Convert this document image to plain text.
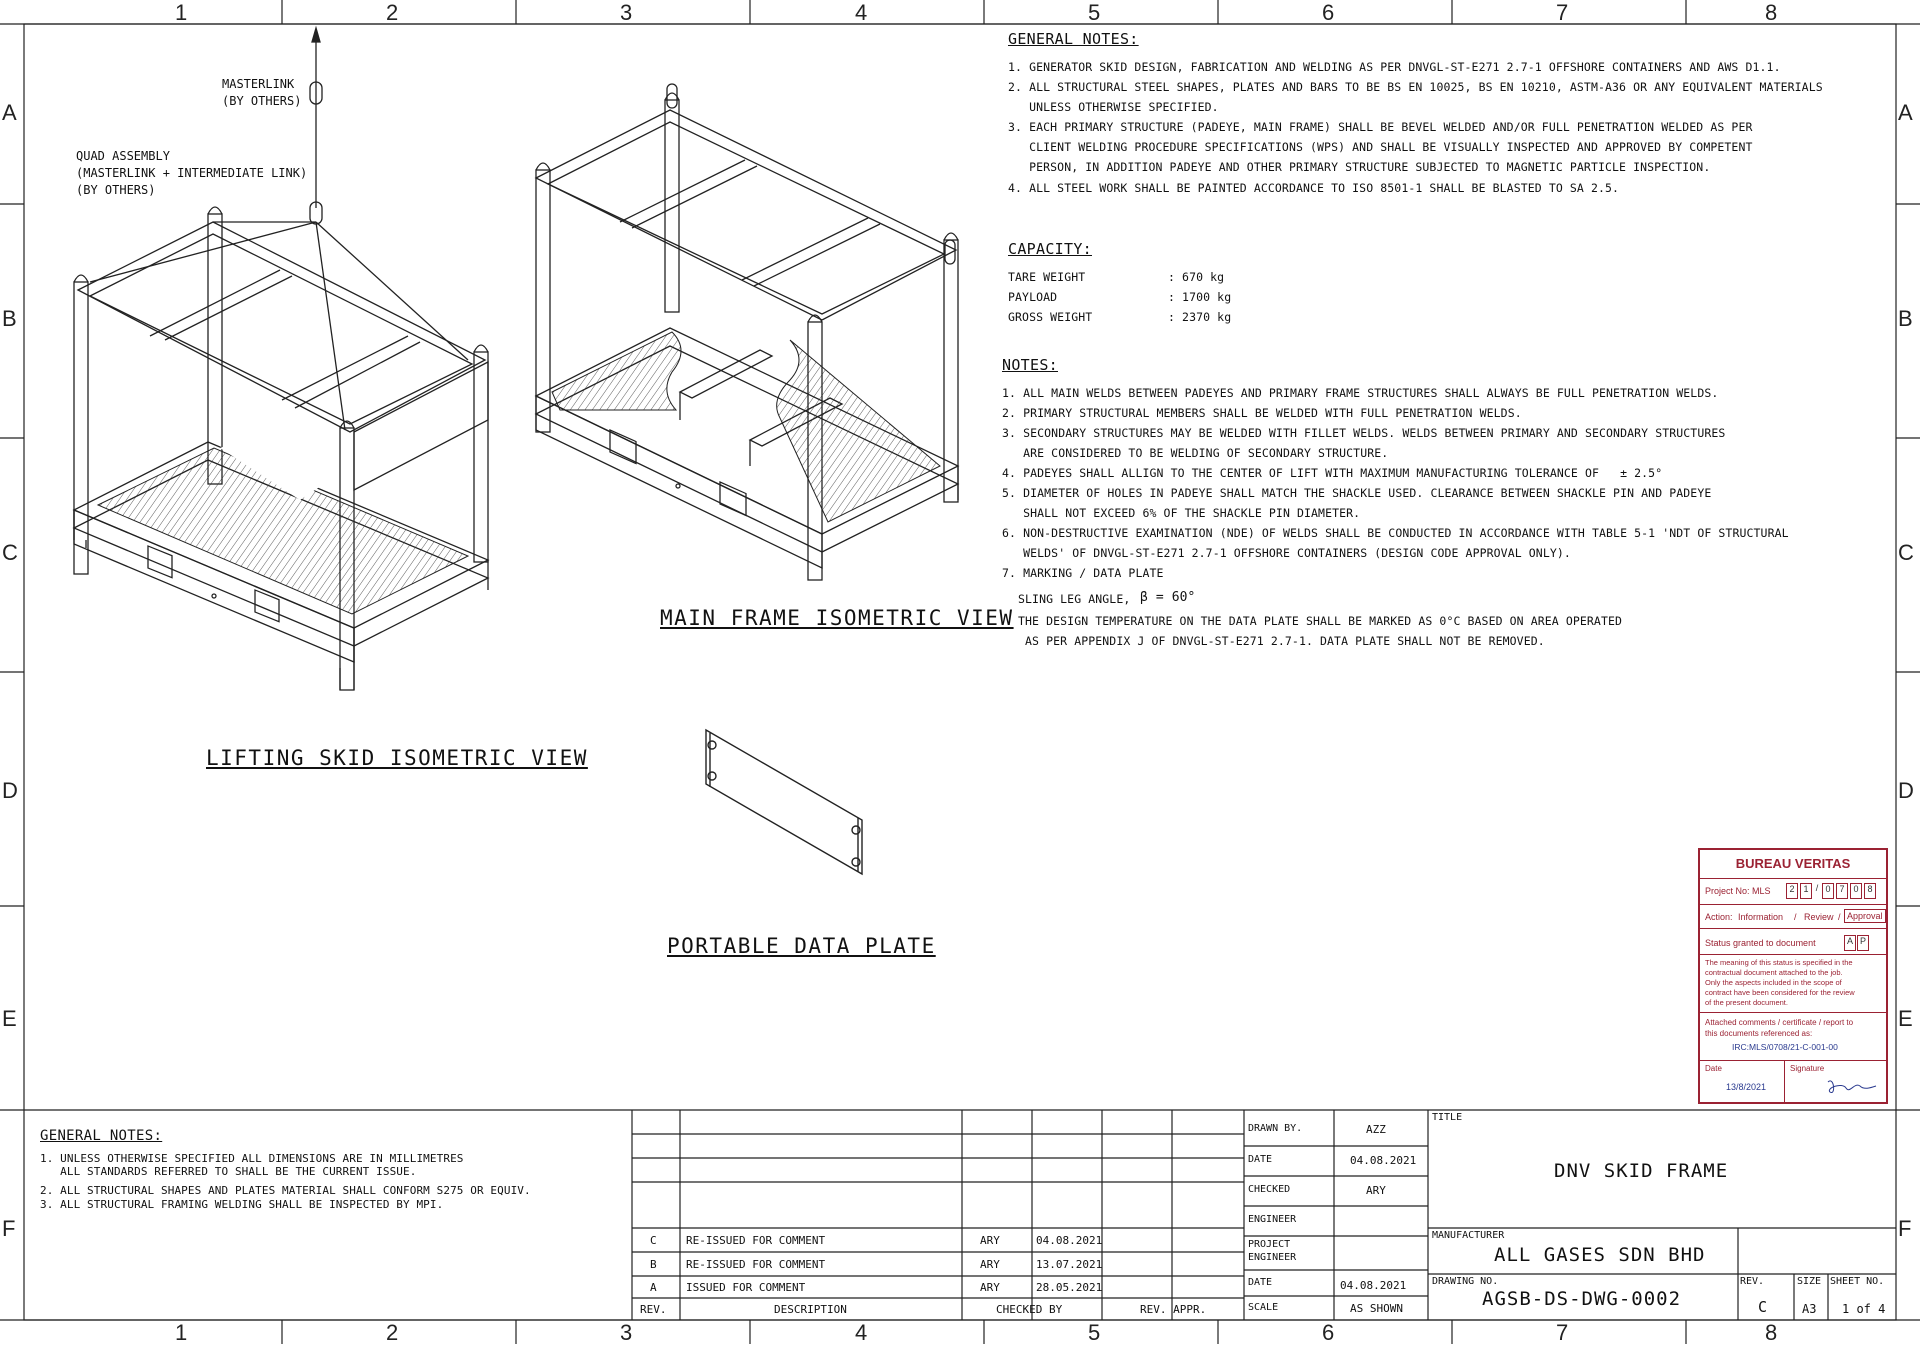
1	2	3	4	5	6	7	8
1	2	3	4	5	6	7	8
A
B
C
D
E
F
A
B
C
D
E
F
MASTERLINK
(BY OTHERS)
QUAD ASSEMBLY
(MASTERLINK + INTERMEDIATE LINK)
(BY OTHERS)
LIFTING SKID ISOMETRIC VIEW
MAIN FRAME ISOMETRIC VIEW
PORTABLE DATA PLATE
GENERAL NOTES:
1. GENERATOR SKID DESIGN, FABRICATION AND WELDING AS PER DNVGL-ST-E271 2.7-1 OFFSHORE CONTAINERS AND AWS D1.1.
2. ALL STRUCTURAL STEEL SHAPES, PLATES AND BARS TO BE BS EN 10025, BS EN 10210, ASTM-A36 OR ANY EQUIVALENT MATERIALS
UNLESS OTHERWISE SPECIFIED.
3. EACH PRIMARY STRUCTURE (PADEYE, MAIN FRAME) SHALL BE BEVEL WELDED AND/OR FULL PENETRATION WELDED AS PER
CLIENT WELDING PROCEDURE SPECIFICATIONS (WPS) AND SHALL BE VISUALLY INSPECTED AND APPROVED BY COMPETENT
PERSON, IN ADDITION PADEYE AND OTHER PRIMARY STRUCTURE SUBJECTED TO MAGNETIC PARTICLE INSPECTION.
4. ALL STEEL WORK SHALL BE PAINTED ACCORDANCE TO ISO 8501-1 SHALL BE BLASTED TO SA 2.5.
CAPACITY:
TARE WEIGHT	: 670 kg
PAYLOAD	: 1700 kg
GROSS WEIGHT	: 2370 kg
NOTES:
1. ALL MAIN WELDS BETWEEN PADEYES AND PRIMARY FRAME STRUCTURES SHALL ALWAYS BE FULL PENETRATION WELDS.
2. PRIMARY STRUCTURAL MEMBERS SHALL BE WELDED WITH FULL PENETRATION WELDS.
3. SECONDARY STRUCTURES MAY BE WELDED WITH FILLET WELDS. WELDS BETWEEN PRIMARY AND SECONDARY STRUCTURES
ARE CONSIDERED TO BE WELDING OF SECONDARY STRUCTURE.
4. PADEYES SHALL ALLIGN TO THE CENTER OF LIFT WITH MAXIMUM MANUFACTURING TOLERANCE OF   ± 2.5°
5. DIAMETER OF HOLES IN PADEYE SHALL MATCH THE SHACKLE USED. CLEARANCE BETWEEN SHACKLE PIN AND PADEYE
SHALL NOT EXCEED 6% OF THE SHACKLE PIN DIAMETER.
6. NON-DESTRUCTIVE EXAMINATION (NDE) OF WELDS SHALL BE CONDUCTED IN ACCORDANCE WITH TABLE 5-1 'NDT OF STRUCTURAL
WELDS' OF DNVGL-ST-E271 2.7-1 OFFSHORE CONTAINERS (DESIGN CODE APPROVAL ONLY).
7. MARKING / DATA PLATE
SLING LEG ANGLE, β = 60°
THE DESIGN TEMPERATURE ON THE DATA PLATE SHALL BE MARKED AS 0°C BASED ON AREA OPERATED
AS PER APPENDIX J OF DNVGL-ST-E271 2.7-1. DATA PLATE SHALL NOT BE REMOVED.
BUREAU VERITAS
Project No: MLS	2 1 / 0 7 0 8
Action: Information / Review / Approval
Status granted to document	A P
The meaning of this status is specified in the
contractual document attached to the job.
Only the aspects included in the scope of
contract have been considered for the review
of the present document.
Attached comments / certificate / report to
this documents referenced as:
IRC:MLS/0708/21-C-001-00
Date
13/8/2021
Signature
GENERAL NOTES:
1. UNLESS OTHERWISE SPECIFIED ALL DIMENSIONS ARE IN MILLIMETRES
ALL STANDARDS REFERRED TO SHALL BE THE CURRENT ISSUE.
2. ALL STRUCTURAL SHAPES AND PLATES MATERIAL SHALL CONFORM S275 OR EQUIV.
3. ALL STRUCTURAL FRAMING WELDING SHALL BE INSPECTED BY MPI.
C	RE-ISSUED FOR COMMENT	ARY	04.08.2021
B	RE-ISSUED FOR COMMENT	ARY	13.07.2021
A	ISSUED FOR COMMENT	ARY	28.05.2021
REV.	DESCRIPTION	CHECKED BY	REV. APPR.
DRAWN BY.	AZZ
DATE	04.08.2021
CHECKED	ARY
ENGINEER
PROJECT
ENGINEER
DATE	04.08.2021
SCALE	AS SHOWN
TITLE
DNV SKID FRAME
MANUFACTURER
ALL GASES SDN BHD
DRAWING NO.
AGSB-DS-DWG-0002
REV.
C
SIZE
A3
SHEET NO.
1 of 4
